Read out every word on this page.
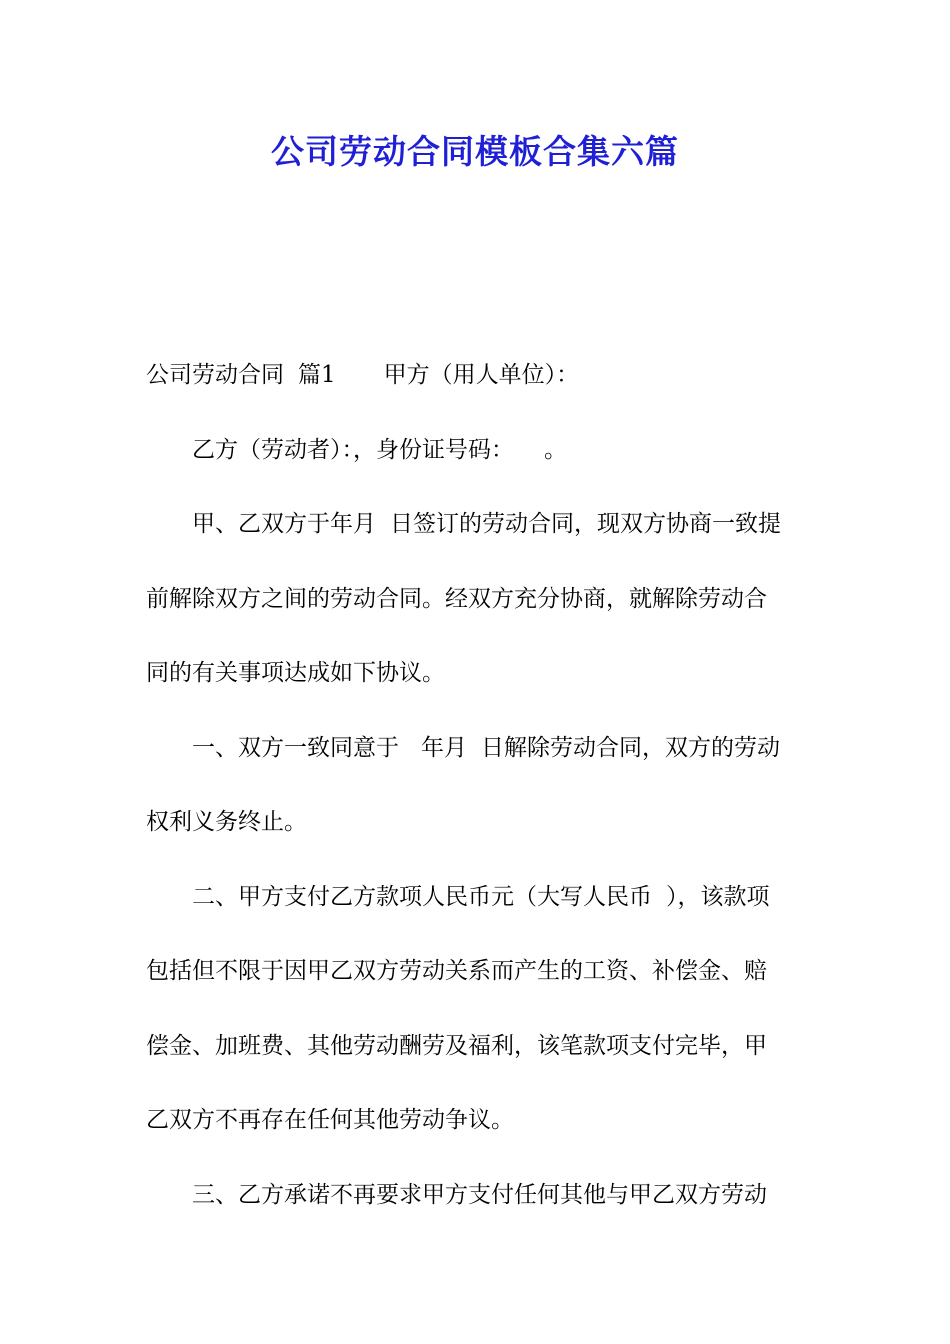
公司劳动合同模板合集六篇
公司劳动合同 篇1 甲方（用人单位）：
乙方（劳动者）：，身份证号码： 。
甲、乙双方于年月 日签订的劳动合同，现双方协商一致提
前解除双方之间的劳动合同。经双方充分协商，就解除劳动合
同的有关事项达成如下协议。
一、双方一致同意于 年月 日解除劳动合同，双方的劳动
权利义务终止。
二、甲方支付乙方款项人民币元（大写人民币 ），该款项
包括但不限于因甲乙双方劳动关系而产生的工资、补偿金、赔
偿金、加班费、其他劳动酬劳及福利，该笔款项支付完毕，甲
乙双方不再存在任何其他劳动争议。
三、乙方承诺不再要求甲方支付任何其他与甲乙双方劳动
